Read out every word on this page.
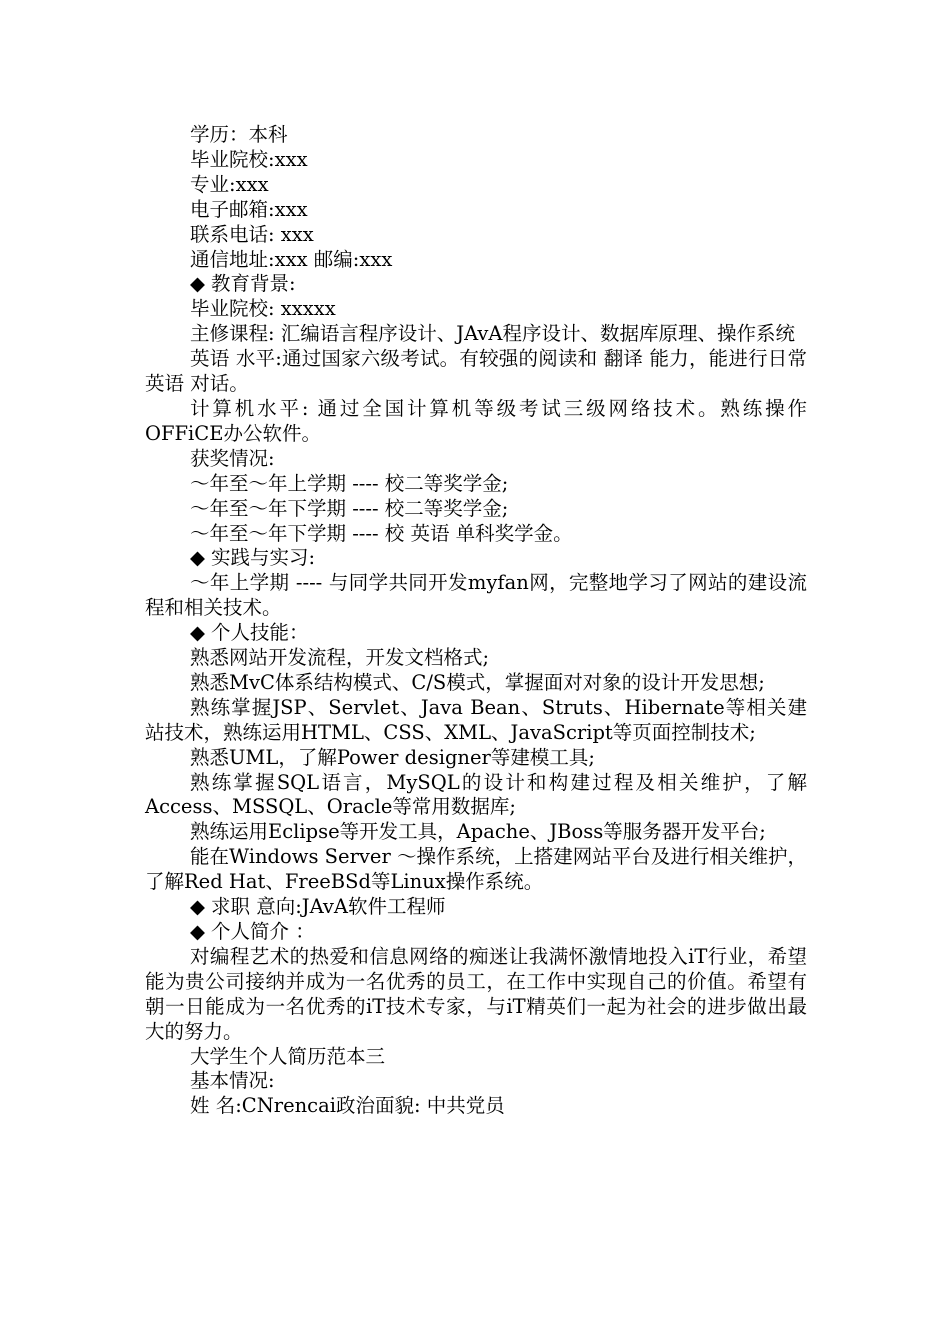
学历：本科

毕业院校:xxx

专业:xxx

电子邮箱:xxx

联系电话: xxx

通信地址:xxx 邮编:xxx

◆ 教育背景:

毕业院校: xxxxx

主修课程: 汇编语言程序设计、JAvA程序设计、数据库原理、操作系统

英语 水平:通过国家六级考试。有较强的阅读和 翻译 能力，能进行日常 英语 对话。

计算机水平: 通过全国计算机等级考试三级网络技术。熟练操作OFFiCE办公软件。

获奖情况:

～年至～年上学期 ---- 校二等奖学金;

～年至～年下学期 ---- 校二等奖学金;

～年至～年下学期 ---- 校 英语 单科奖学金。

◆ 实践与实习:

～年上学期 ---- 与同学共同开发myfan网，完整地学习了网站的建设流程和相关技术。

◆ 个人技能：

熟悉网站开发流程，开发文档格式;

熟悉MvC体系结构模式、C/S模式，掌握面对对象的设计开发思想;

熟练掌握JSP、Servlet、Java Bean、Struts、Hibernate等相关建站技术，熟练运用HTML、CSS、XML、JavaScript等页面控制技术;

熟悉UML，了解Power designer等建模工具;

熟练掌握SQL语言，MySQL的设计和构建过程及相关维护，了解Access、MSSQL、Oracle等常用数据库;

熟练运用Eclipse等开发工具，Apache、JBoss等服务器开发平台;

能在Windows Server ～操作系统，上搭建网站平台及进行相关维护，了解Red Hat、FreeBSd等Linux操作系统。

◆ 求职 意向:JAvA软件工程师

◆ 个人简介 ：

对编程艺术的热爱和信息网络的痴迷让我满怀激情地投入iT行业，希望能为贵公司接纳并成为一名优秀的员工，在工作中实现自己的价值。希望有朝一日能成为一名优秀的iT技术专家，与iT精英们一起为社会的进步做出最大的努力。

大学生个人简历范本三

基本情况:

姓 名:CNrencai政治面貌: 中共党员
